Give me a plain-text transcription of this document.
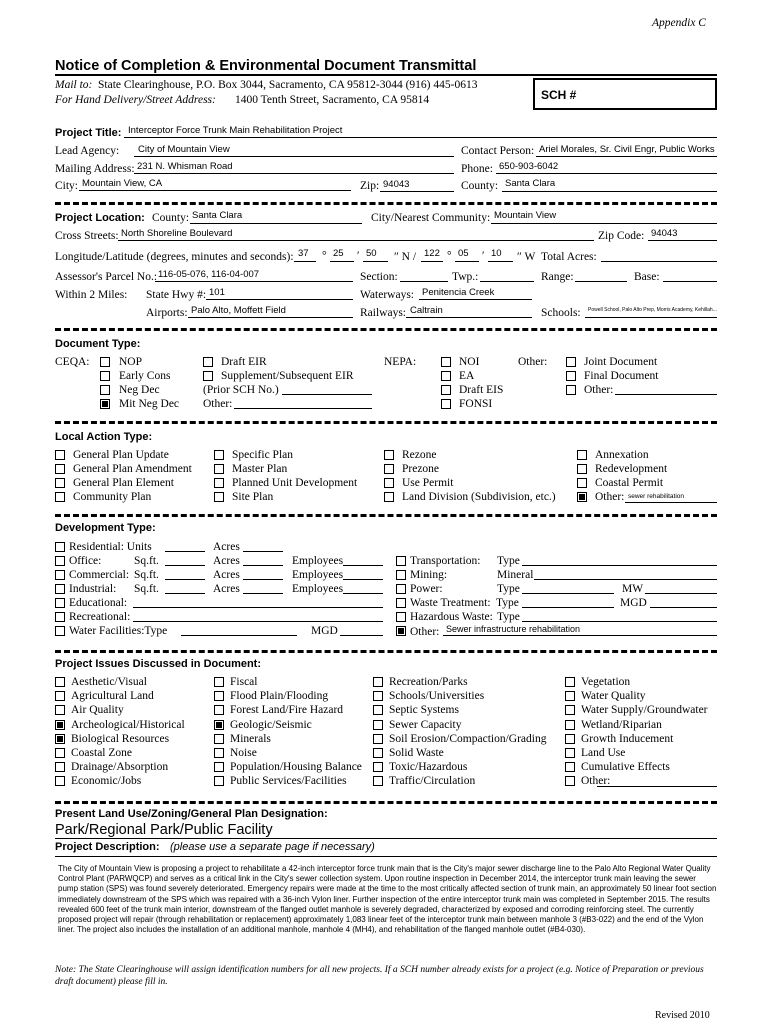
Appendix C
Notice of Completion & Environmental Document Transmittal
Mail to: State Clearinghouse, P.O. Box 3044, Sacramento, CA 95812-3044 (916) 445-0613
For Hand Delivery/Street Address: 1400 Tenth Street, Sacramento, CA 95814	SCH #
Project Title: Interceptor Force Trunk Main Rehabilitation Project
Lead Agency: City of Mountain View	Contact Person: Ariel Morales, Sr. Civil Engr, Public Works
Mailing Address: 231 N. Whisman Road	Phone: 650-903-6042
City: Mountain View, CA	Zip: 94043	County: Santa Clara
Project Location: County: Santa Clara	City/Nearest Community: Mountain View
Cross Streets: North Shoreline Boulevard	Zip Code: 94043
Longitude/Latitude (degrees, minutes and seconds): 37 ° 25 ′ 50 ″ N / 122 ° 05 ′ 10 ″ W Total Acres:
Assessor's Parcel No.: 116-05-076, 116-04-007	Section:	Twp.:	Range:	Base:
Within 2 Miles: State Hwy #: 101	Waterways: Penitencia Creek
Airports: Palo Alto, Moffett Field	Railways: Caltrain	Schools: Powell School, Palo Alto Prep, Morris Academy, Kehillah...
Document Type:
CEQA:	NOP
Early Cons
Neg Dec
Mit Neg Dec
Draft EIR
Supplement/Subsequent EIR
(Prior SCH No.)
Other:
NEPA:	NOI
EA
Draft EIS
FONSI
Other:	Joint Document
Final Document
Other:
Local Action Type:
General Plan Update
General Plan Amendment
General Plan Element
Community Plan
Specific Plan
Master Plan
Planned Unit Development
Site Plan
Rezone
Prezone
Use Permit
Land Division (Subdivision, etc.)
Annexation
Redevelopment
Coastal Permit
Other: sewer rehabilitation
Development Type:
Residential: Units	Acres
Office:	Sq.ft.	Acres	Employees
Commercial: Sq.ft.	Acres	Employees
Industrial: Sq.ft.	Acres	Employees
Educational:
Recreational:
Water Facilities:Type	MGD
Transportation: Type
Mining:	Mineral
Power:	Type	MW
Waste Treatment: Type	MGD
Hazardous Waste: Type
Other: Sewer infrastructure rehabilitation
Project Issues Discussed in Document:
Aesthetic/Visual
Agricultural Land
Air Quality
Archeological/Historical
Biological Resources
Coastal Zone
Drainage/Absorption
Economic/Jobs
Fiscal
Flood Plain/Flooding
Forest Land/Fire Hazard
Geologic/Seismic
Minerals
Noise
Population/Housing Balance
Public Services/Facilities
Recreation/Parks
Schools/Universities
Septic Systems
Sewer Capacity
Soil Erosion/Compaction/Grading
Solid Waste
Toxic/Hazardous
Traffic/Circulation
Vegetation
Water Quality
Water Supply/Groundwater
Wetland/Riparian
Growth Inducement
Land Use
Cumulative Effects
Other:
Present Land Use/Zoning/General Plan Designation:
Park/Regional Park/Public Facility
Project Description: (please use a separate page if necessary)
The City of Mountain View is proposing a project to rehabilitate a 42-inch interceptor force trunk main that is the City's major sewer discharge line to the Palo Alto Regional Water Quality Control Plant (PARWQCP) and serves as a critical link in the City's sewer collection system. Upon routine inspection in December 2014, the interceptor trunk main leaving the sewer pump station (SPS) was found severely deteriorated. Emergency repairs were made at the time to the most critically affected section of trunk main, an approximately 50 linear foot section immediately downstream of the SPS which was repaired with a 36-inch Vylon liner. Further inspection of the entire interceptor trunk main was completed in September 2015. The results revealed 600 feet of the trunk main interior, downstream of the flanged outlet manhole is severely degraded, characterized by exposed and corroding reinforcing steel. The currently proposed project will repair (through rehabilitation or replacement) approximately 1,083 linear feet of the interceptor trunk main between manhole 3 (#B3-022) and the end of the Vylon liner. The project also includes the installation of an additional manhole, manhole 4 (MH4), and rehabilitation of the flanged manhole outlet (#B4-030).
Note: The State Clearinghouse will assign identification numbers for all new projects. If a SCH number already exists for a project (e.g. Notice of Preparation or previous draft document) please fill in.
Revised 2010
